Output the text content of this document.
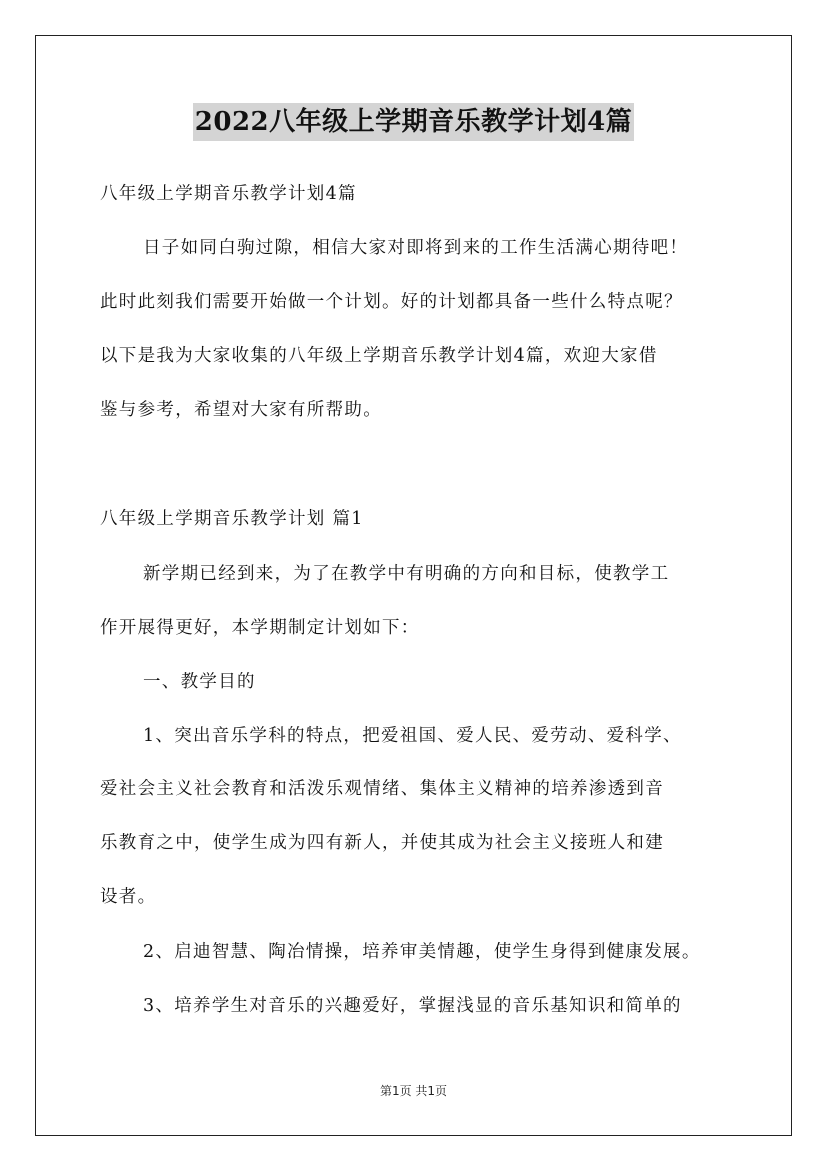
2022八年级上学期音乐教学计划4篇
八年级上学期音乐教学计划4篇
日子如同白驹过隙，相信大家对即将到来的工作生活满心期待吧！
此时此刻我们需要开始做一个计划。好的计划都具备一些什么特点呢？
以下是我为大家收集的八年级上学期音乐教学计划4篇，欢迎大家借
鉴与参考，希望对大家有所帮助。
八年级上学期音乐教学计划 篇1
新学期已经到来，为了在教学中有明确的方向和目标，使教学工
作开展得更好，本学期制定计划如下：
一、教学目的
1、突出音乐学科的特点，把爱祖国、爱人民、爱劳动、爱科学、
爱社会主义社会教育和活泼乐观情绪、集体主义精神的培养渗透到音
乐教育之中，使学生成为四有新人，并使其成为社会主义接班人和建
设者。
2、启迪智慧、陶冶情操，培养审美情趣，使学生身得到健康发展。
3、培养学生对音乐的兴趣爱好，掌握浅显的音乐基知识和简单的
第1页 共1页
